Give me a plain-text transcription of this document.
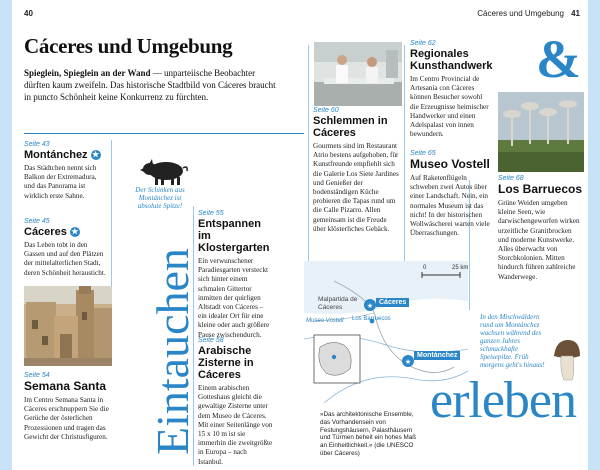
40	Cáceres und Umgebung 41
Cáceres und Umgebung
Spieglein, Spieglein an der Wand — unparteiische Beobachter dürften kaum zweifeln. Das historische Stadtbild von Cáceres braucht in puncto Schönheit keine Konkurrenz zu fürchten.
Seite 43
Montánchez ★
Das Städtchen nennt sich Balkon der Extremadura, und das Panorama ist wirklich erste Sahne.
Seite 45
Cáceres ★
Das Leben tobt in den Gassen und auf den Plätzen der mittelalterlichen Stadt, deren Schönheit herausticht.
Seite 54
Semana Santa
Im Centro Semana Santa in Cáceres erschnuppern Sie die Gerüche der österlichen Prozessionen und tragen das Gewicht der Christusfiguren.
Der Schinken aus Montánchez ist absolute Spitze!
Eintauchen
Seite 55
Entspannen im Klostergarten
Ein verwunschener Paradiesgarten versteckt sich hinter einem schmalen Gittertor inmitten der quirligen Altstadt von Cáceres – ein idealer Ort für eine kleine oder auch größere Pause zwischendurch.
Seite 58
Arabische Zisterne in Cáceres
Einem arabischen Gotteshaus gleicht die gewaltige Zisterne unter dem Museo de Cáceres. Mit einer Seitenlänge von 15 x 10 m ist sie immerhin die zweitgrößte in Europa – nach Istanbul.
Seite 60
Schlemmen in Cáceres
Gourmets sind im Restaurant Atrio bestens aufgehoben, für Kunstfreunde empfiehlt sich die Galerie Los Siete Jardines und Genießer der bodenständigen Küche probieren die Tapas rund um die Calle Pizarro. Allen gemeinsam ist die Freude über klösterliches Gebäck.
Seite 62
Regionales Kunsthandwerk
Im Centro Provincial de Artesanía con Cáceres können Besucher sowohl die Erzeugnisse heimischer Handwerker und einen Adelspalast von innen bewundern.
Seite 65
Museo Vostell
Auf Raketenflügeln schweben zwei Autos über einer Landschaft. Nein, ein normales Museum ist das nicht! In der historischen Wollwäscherei warten viele Überraschungen.
&
Seite 68
Los Barruecos
Grüne Weiden umgeben kleine Seen, wie darwischengeworfen wirken urzeitliche Granitbrocken und moderne Kunstwerke. Alles überwacht von Storchkolonien. Mitten hindurch führen zahlreiche Wanderwege.
★
★
0	25 km
Malpartida de Cáceres
Cáceres
Museo Vostell Los Barruecos
Montánchez
In den Mischwäldern rund um Montánchez wachsen während des ganzen Jahres schmackhafte Speisepilze. Früh morgens geht's hinaus!
»Das architektonische Ensemble, das Vorhandensein von Festungshäusern, Palasthäusern und Türmen beheit ein hohes Maß an Einheitlichkeit.« (die UNESCO über Cáceres)
erleben
